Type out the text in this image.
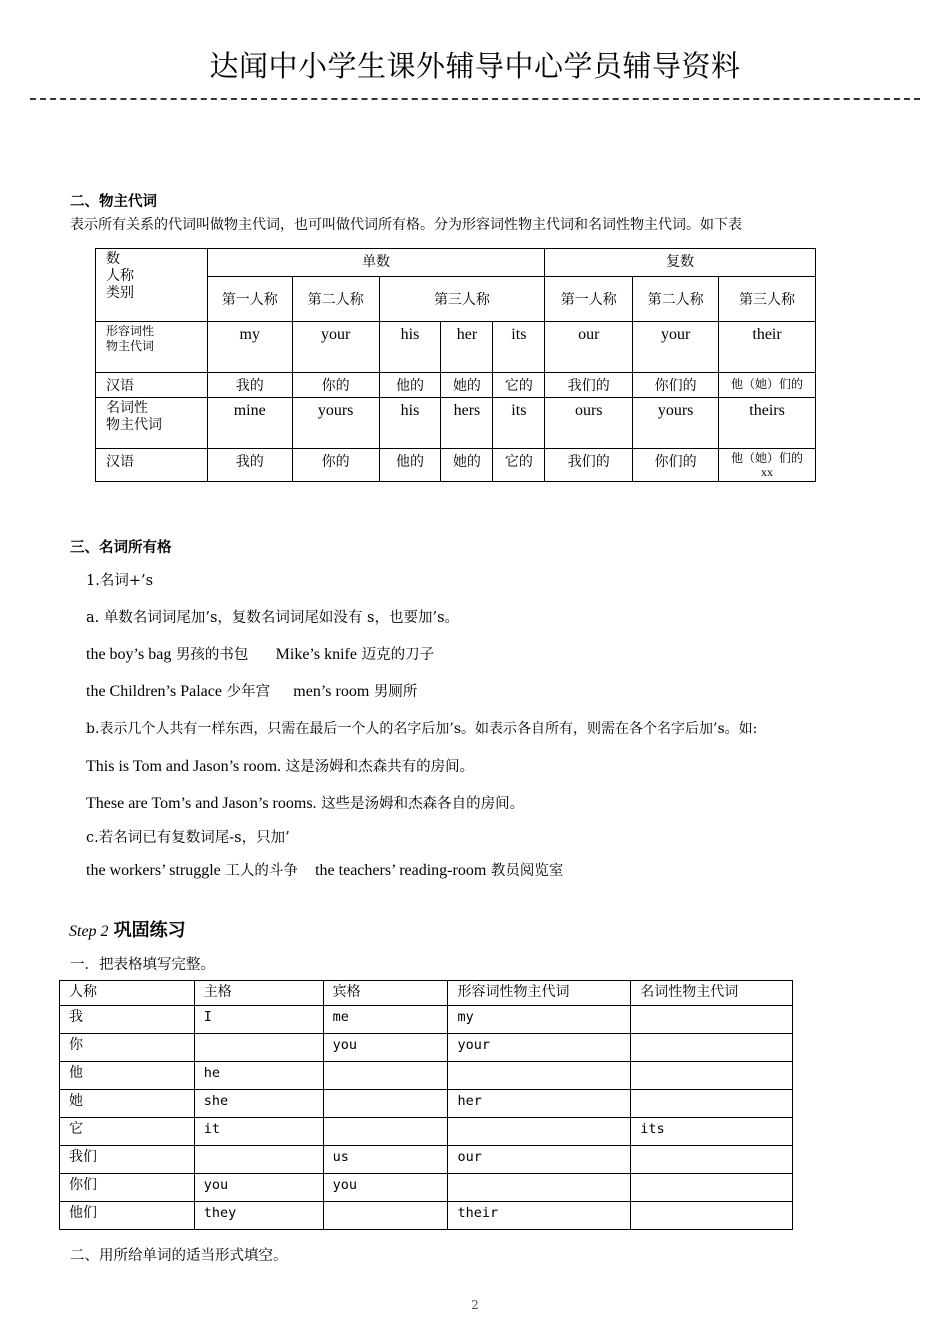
达闻中小学生课外辅导中心学员辅导资料
二、物主代词
表示所有关系的代词叫做物主代词，也可叫做代词所有格。分为形容词性物主代词和名词性物主代词。如下表
数
人称
类别	单数					复数		
	第一人称	第二人称	第三人称			第一人称	第二人称	第三人称

形容词性
物主代词	my	your	his	her	its	our	your	their
汉语	我的	你的	他的	她的	它的	我们的	你们的	他（她）们的

名词性
物主代词	mine	yours	his	hers	its	ours	yours	theirs
汉语	我的	你的	他的	她的	它的	我们的	你们的	他（她）们的
xx
三、名词所有格
1.名词+’s
a. 单数名词词尾加’s，复数名词词尾如没有 s，也要加’s。
the boy’s bag 男孩的书包 Mike’s knife 迈克的刀子
the Children’s Palace 少年宫 men’s room 男厕所
b.表示几个人共有一样东西，只需在最后一个人的名字后加’s。如表示各自所有，则需在各个名字后加’s。如:
This is Tom and Jason’s room. 这是汤姆和杰森共有的房间。
These are Tom’s and Jason’s rooms. 这些是汤姆和杰森各自的房间。
c.若名词已有复数词尾-s，只加’
the workers’ struggle 工人的斗争 the teachers’ reading-room 教员阅览室
Step 2 巩固练习
一．把表格填写完整。
人称	主格	宾格	形容词性物主代词	名词性物主代词
我	I	me	my	
你		you	your	
他	he			
她	she		her	
它	it			its
我们		us	our	
你们	you	you		
他们	they		their	
二、用所给单词的适当形式填空。
2
